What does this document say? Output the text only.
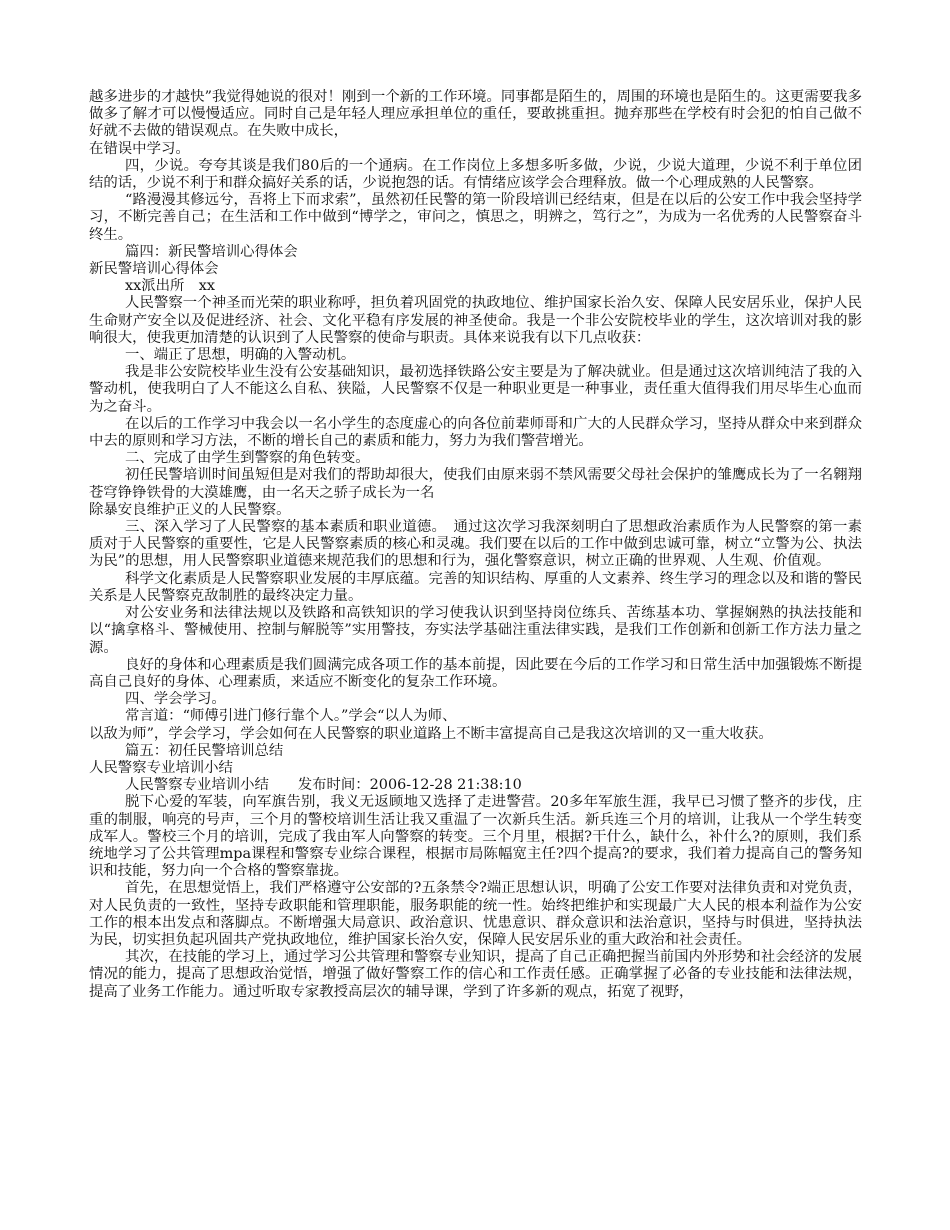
越多进步的才越快”我觉得她说的很对！刚到一个新的工作环境。同事都是陌生的，周围的环境也是陌生的。这更需要我多做多了解才可以慢慢适应。同时自己是年轻人理应承担单位的重任，要敢挑重担。抛弃那些在学校有时会犯的怕自己做不好就不去做的错误观点。在失败中成长，

在错误中学习。

四，少说。夸夸其谈是我们80后的一个通病。在工作岗位上多想多听多做，少说，少说大道理，少说不利于单位团结的话，少说不利于和群众搞好关系的话，少说抱怨的话。有情绪应该学会合理释放。做一个心理成熟的人民警察。

“路漫漫其修远兮，吾将上下而求索”，虽然初任民警的第一阶段培训已经结束，但是在以后的公安工作中我会坚持学习，不断完善自己；在生活和工作中做到“博学之，审问之，慎思之，明辨之，笃行之”，为成为一名优秀的人民警察奋斗终生。

篇四：新民警培训心得体会

新民警培训心得体会

xx派出所　xx

人民警察一个神圣而光荣的职业称呼，担负着巩固党的执政地位、维护国家长治久安、保障人民安居乐业，保护人民生命财产安全以及促进经济、社会、文化平稳有序发展的神圣使命。我是一个非公安院校毕业的学生，这次培训对我的影响很大，使我更加清楚的认识到了人民警察的使命与职责。具体来说我有以下几点收获：

一、端正了思想，明确的入警动机。

我是非公安院校毕业生没有公安基础知识，最初选择铁路公安主要是为了解决就业。但是通过这次培训纯洁了我的入警动机，使我明白了人不能这么自私、狭隘，人民警察不仅是一种职业更是一种事业，责任重大值得我们用尽毕生心血而为之奋斗。

在以后的工作学习中我会以一名小学生的态度虚心的向各位前辈师哥和广大的人民群众学习，坚持从群众中来到群众中去的原则和学习方法，不断的增长自己的素质和能力，努力为我们警营增光。

二、完成了由学生到警察的角色转变。

初任民警培训时间虽短但是对我们的帮助却很大，使我们由原来弱不禁风需要父母社会保护的雏鹰成长为了一名翱翔苍穹铮铮铁骨的大漠雄鹰，由一名天之骄子成长为一名

除暴安良维护正义的人民警察。

三、深入学习了人民警察的基本素质和职业道德。　通过这次学习我深刻明白了思想政治素质作为人民警察的第一素质对于人民警察的重要性，它是人民警察素质的核心和灵魂。我们要在以后的工作中做到忠诚可靠，树立“立警为公、执法为民”的思想，用人民警察职业道德来规范我们的思想和行为，强化警察意识，树立正确的世界观、人生观、价值观。

科学文化素质是人民警察职业发展的丰厚底蕴。完善的知识结构、厚重的人文素养、终生学习的理念以及和谐的警民关系是人民警察克敌制胜的最终决定力量。

对公安业务和法律法规以及铁路和高铁知识的学习使我认识到坚持岗位练兵、苦练基本功、掌握娴熟的执法技能和以“擒拿格斗、警械使用、控制与解脱等”实用警技，夯实法学基础注重法律实践，是我们工作创新和创新工作方法力量之源。

良好的身体和心理素质是我们圆满完成各项工作的基本前提，因此要在今后的工作学习和日常生活中加强锻炼不断提高自己良好的身体、心理素质，来适应不断变化的复杂工作环境。

四、学会学习。

常言道：“师傅引进门修行靠个人。”学会“以人为师、

以敌为师”，学会学习，学会如何在人民警察的职业道路上不断丰富提高自己是我这次培训的又一重大收获。

篇五：初任民警培训总结

人民警察专业培训小结

人民警察专业培训小结　　发布时间：2006-12-28 21:38:10

脱下心爱的军装，向军旗告别，我义无返顾地又选择了走进警营。20多年军旅生涯，我早已习惯了整齐的步伐，庄重的制服，响亮的号声，三个月的警校培训生活让我又重温了一次新兵生活。新兵连三个月的培训，让我从一个学生转变成军人。警校三个月的培训，完成了我由军人向警察的转变。三个月里，根据?干什么，缺什么，补什么?的原则，我们系统地学习了公共管理mpa课程和警察专业综合课程，根据市局陈幅宽主任?四个提高?的要求，我们着力提高自己的警务知识和技能，努力向一个合格的警察靠拢。

首先，在思想觉悟上，我们严格遵守公安部的?五条禁令?端正思想认识，明确了公安工作要对法律负责和对党负责，对人民负责的一致性，坚持专政职能和管理职能，服务职能的统一性。始终把维护和实现最广大人民的根本利益作为公安工作的根本出发点和落脚点。不断增强大局意识、政治意识、忧患意识、群众意识和法治意识，坚持与时俱进，坚持执法为民，切实担负起巩固共产党执政地位，维护国家长治久安，保障人民安居乐业的重大政治和社会责任。

其次，在技能的学习上，通过学习公共管理和警察专业知识，提高了自己正确把握当前国内外形势和社会经济的发展情况的能力，提高了思想政治觉悟，增强了做好警察工作的信心和工作责任感。正确掌握了必备的专业技能和法律法规，提高了业务工作能力。通过听取专家教授高层次的辅导课，学到了许多新的观点，拓宽了视野，
